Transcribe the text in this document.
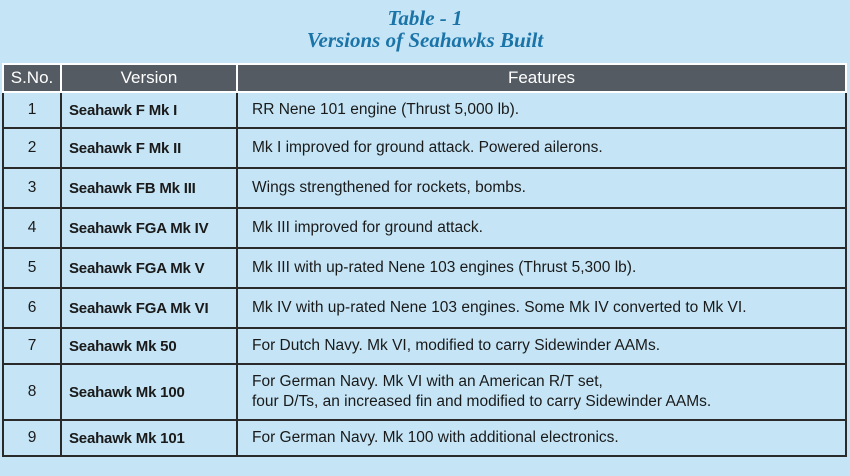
Table - 1
Versions of Seahawks Built
S.No.	Version	Features
1	Seahawk F Mk I	RR Nene 101 engine (Thrust 5,000 lb).

2	Seahawk F Mk II	Mk I improved for ground attack. Powered ailerons.

3	Seahawk FB Mk III	Wings strengthened for rockets, bombs.

4	Seahawk FGA Mk IV	Mk III improved for ground attack.

5	Seahawk FGA Mk V	Mk III with up-rated Nene 103 engines (Thrust 5,300 lb).

6	Seahawk FGA Mk VI	Mk IV with up-rated Nene 103 engines. Some Mk IV converted to Mk VI.

7	Seahawk Mk 50	For Dutch Navy. Mk VI, modified to carry Sidewinder AAMs.

8	Seahawk Mk 100	For German Navy. Mk VI with an American R/T set,
four D/Ts, an increased fin and modified to carry Sidewinder AAMs.

9	Seahawk Mk 101	For German Navy. Mk 100 with additional electronics.
